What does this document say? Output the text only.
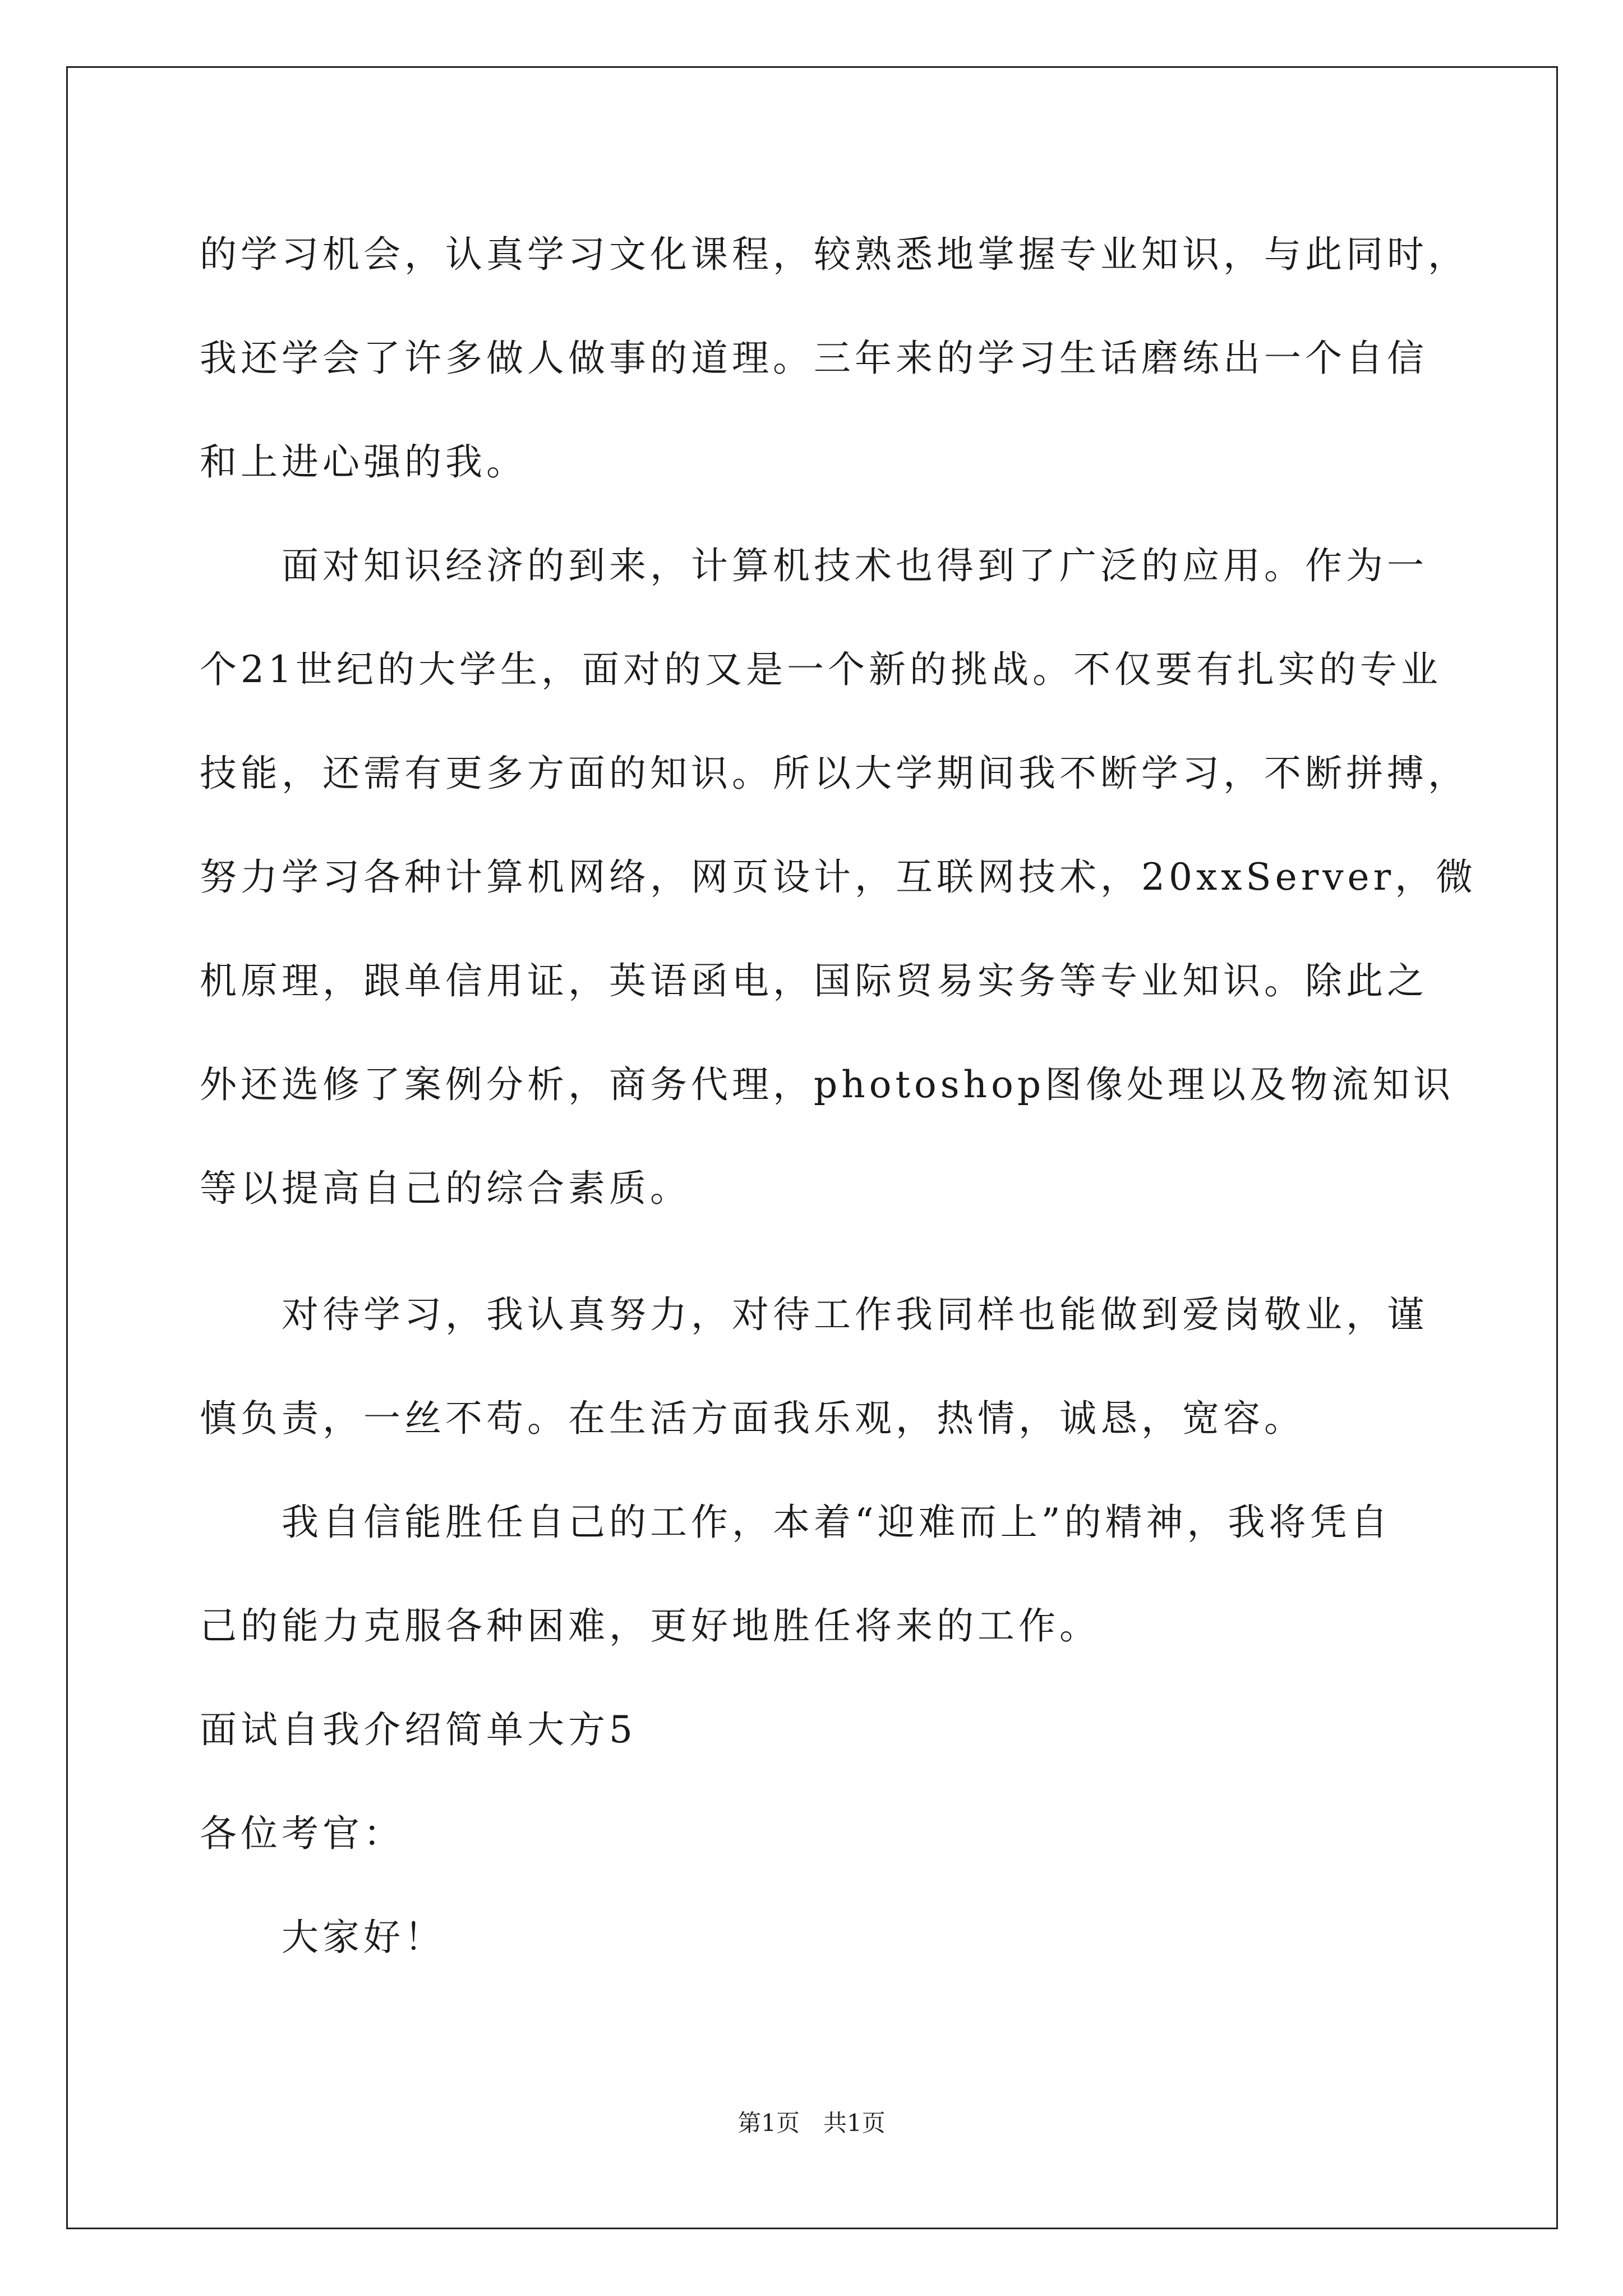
的学习机会，认真学习文化课程，较熟悉地掌握专业知识，与此同时，
我还学会了许多做人做事的道理。三年来的学习生话磨练出一个自信
和上进心强的我。
面对知识经济的到来，计算机技术也得到了广泛的应用。作为一
个21世纪的大学生，面对的又是一个新的挑战。不仅要有扎实的专业
技能，还需有更多方面的知识。所以大学期间我不断学习，不断拼搏，
努力学习各种计算机网络，网页设计，互联网技术，20xxServer，微
机原理，跟单信用证，英语函电，国际贸易实务等专业知识。除此之
外还选修了案例分析，商务代理，photoshop图像处理以及物流知识
等以提高自己的综合素质。
对待学习，我认真努力，对待工作我同样也能做到爱岗敬业，谨
慎负责，一丝不苟。在生活方面我乐观，热情，诚恳，宽容。
我自信能胜任自己的工作，本着“迎难而上”的精神，我将凭自
己的能力克服各种困难，更好地胜任将来的工作。
面试自我介绍简单大方5
各位考官：
大家好！
第1页　共1页
